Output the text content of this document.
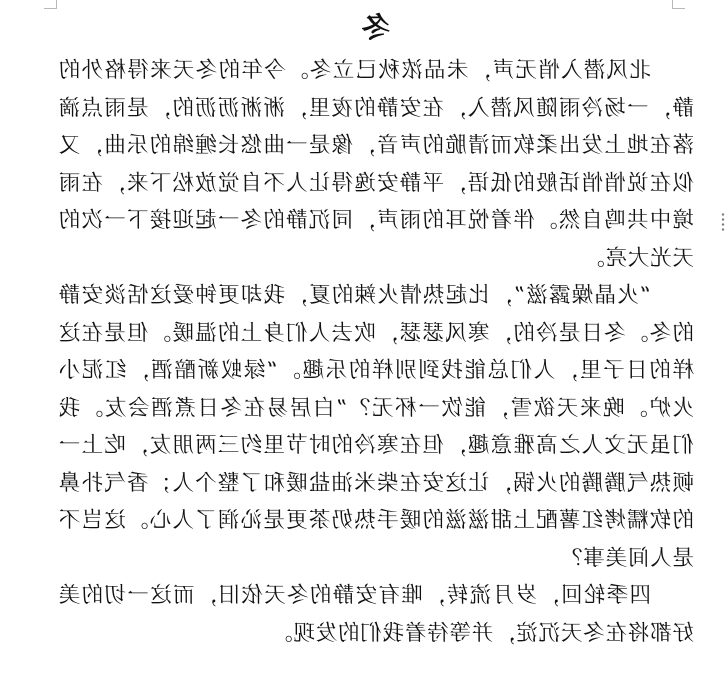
冬

北风潜入悄无声，未品浓秋已立冬。今年的冬天来得格外的静，一场冷雨随风潜入，在安静的夜里，淅淅沥沥的，是雨点滴落在地上发出柔软而清脆的声音，像是一曲悠长缠绵的乐曲，又似在说悄悄话般的低语，平静安逸得让人不自觉放松下来，在雨境中共鸣自然。伴着悦耳的雨声，同沉静的冬一起迎接下一次的天光大亮。

“火晶燥露滋”，比起热情火辣的夏，我却更钟爱这恬淡安静的冬。冬日是冷的，寒风瑟瑟，吹去人们身上的温暖。但是在这样的日子里，人们总能找到别样的乐趣。“绿蚁新醅酒，红泥小火炉。晚来天欲雪，能饮一杯无？”白居易在冬日煮酒会友。我们虽无文人之高雅意趣，但在寒冷的时节里约三两朋友，吃上一顿热气腾腾的火锅，让这安在柴米油盐暖和了整个人；香气扑鼻的软糯烤红薯配上甜滋滋的暖手热奶茶更是沁润了人心。这岂不是人间美事？

四季轮回，岁月流转，唯有安静的冬天依旧，而这一切的美好都将在冬天沉淀，并等待着我们的发现。
